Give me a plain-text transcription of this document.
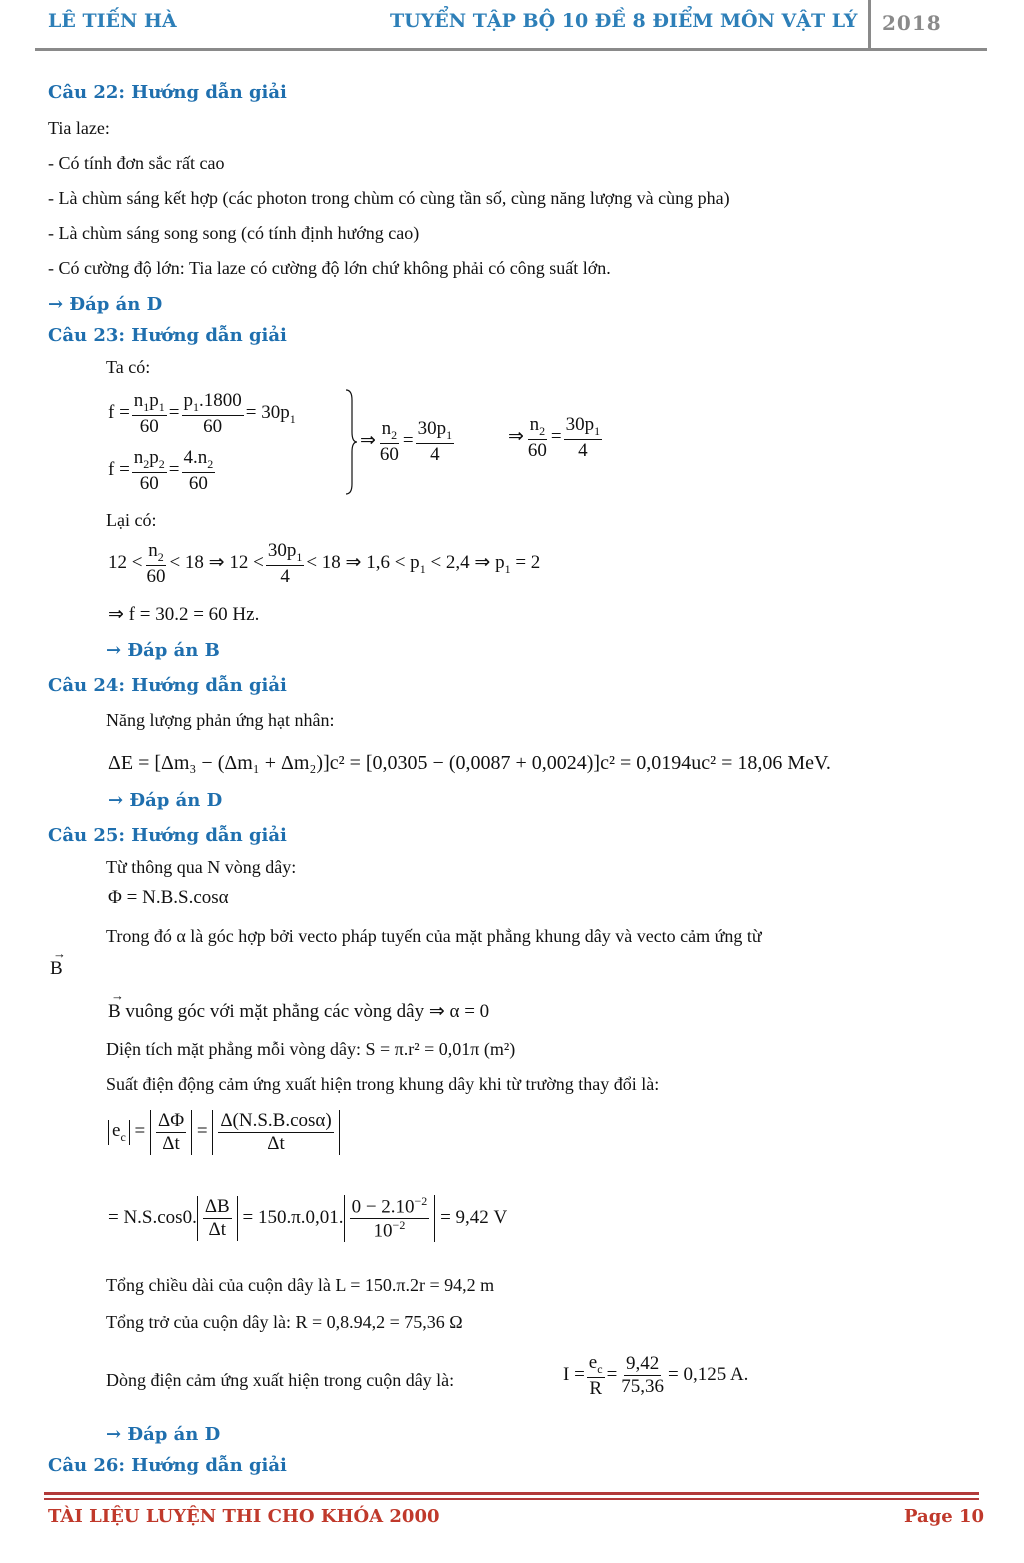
LÊ TIẾN HÀ	TUYỂN TẬP BỘ 10 ĐỀ 8 ĐIỂM MÔN VẬT LÝ 2018
Câu 22: Hướng dẫn giải
Tia laze:
- Có tính đơn sắc rất cao
- Là chùm sáng kết hợp (các photon trong chùm có cùng tần số, cùng năng lượng và cùng pha)
- Là chùm sáng song song (có tính định hướng cao)
- Có cường độ lớn: Tia laze có cường độ lớn chứ không phải có công suất lớn.
→ Đáp án D
Câu 23: Hướng dẫn giải
Ta có:
$f = \frac{n_1p_1}{60} = \frac{p_1.1800}{60} = 30p_1$
$f = \frac{n_2p_2}{60} = \frac{4.n_2}{60}$
⇒ $\frac{n_2}{60} = \frac{30p_1}{4}$	⇒ $\frac{n_2}{60} = \frac{30p_1}{4}$
Lại có:
$12 < \frac{n_2}{60} < 18$ ⇒ $12 < \frac{30p_1}{4} < 18$ ⇒ $1,6 < p_1 < 2,4$ ⇒ $p_1 = 2$
⇒ f = 30.2 = 60 Hz.
→ Đáp án B
Câu 24: Hướng dẫn giải
Năng lượng phản ứng hạt nhân:
ΔE = [Δm₃ − (Δm₁ + Δm₂)]c² = [0,0305 − (0,0087 + 0,0024)]c² = 0,0194uc² = 18,06 MeV.
→ Đáp án D
Câu 25: Hướng dẫn giải
Từ thông qua N vòng dây:
Φ = N.B.S.cosα
Trong đó α là góc hợp bởi vecto pháp tuyến của mặt phẳng khung dây và vecto cảm ứng từ
→
B
→
B vuông góc với mặt phẳng các vòng dây ⇒ α = 0
Diện tích mặt phẳng mỗi vòng dây: S = π.r² = 0,01π (m²)
Suất điện động cảm ứng xuất hiện trong khung dây khi từ trường thay đổi là:
$e_c = \frac{\Delta\Phi}{\Delta t} = \frac{\Delta(N.S.B.\cos\alpha)}{\Delta t}$
= N.S.cos0. $\frac{\Delta B}{\Delta t} = 150.\pi.0,01$. $\frac{0 - 2.10^{-2}}{10^{-2}} = 9,42$ V
Tổng chiều dài của cuộn dây là L = 150.π.2r = 94,2 m
Tổng trở của cuộn dây là: R = 0,8.94,2 = 75,36 Ω
Dòng điện cảm ứng xuất hiện trong cuộn dây là:	$I = \frac{e_c}{R} = \frac{9,42}{75,36} = 0,125$ A.
→ Đáp án D
Câu 26: Hướng dẫn giải
TÀI LIỆU LUYỆN THI CHO KHÓA 2000	Page 10
